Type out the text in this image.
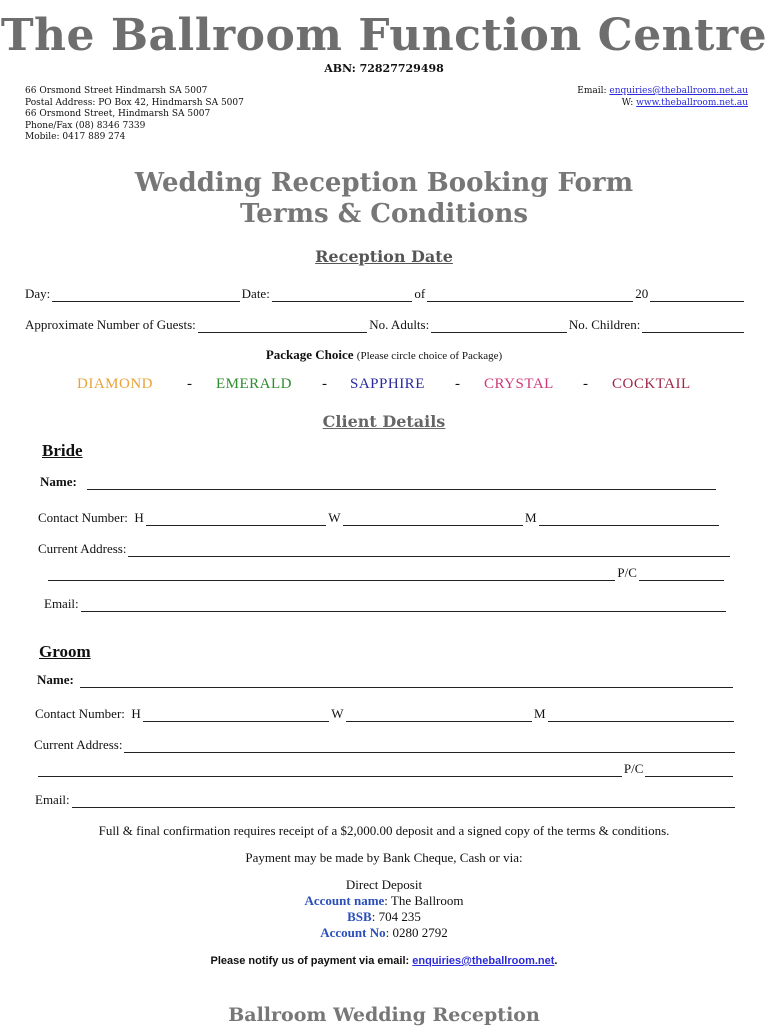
The Ballroom Function Centre
ABN: 72827729498
66 Orsmond Street Hindmarsh SA 5007
Postal Address: PO Box 42, Hindmarsh SA 5007
66 Orsmond Street, Hindmarsh SA 5007
Phone/Fax (08) 8346 7339
Mobile: 0417 889 274
Email: enquiries@theballroom.net.au
W: www.theballroom.net.au
Wedding Reception Booking Form
Terms & Conditions
Reception Date
Day:	Date:	of	20
Approximate Number of Guests:	No. Adults:	No. Children:
Package Choice (Please circle choice of Package)
DIAMOND - EMERALD - SAPPHIRE - CRYSTAL - COCKTAIL
Client Details
Bride
Name:
Contact Number:
H	W	M
Current Address:
P/C
Email:
Groom
Name:
Contact Number:
H	W	M
Current Address:
P/C
Email:
Full & final confirmation requires receipt of a $2,000.00 deposit and a signed copy of the terms & conditions.
Payment may be made by Bank Cheque, Cash or via:
Direct Deposit
Account name: The Ballroom
BSB: 704 235
Account No: 0280 2792
Please notify us of payment via email: enquiries@theballroom.net.
Ballroom Wedding Reception
